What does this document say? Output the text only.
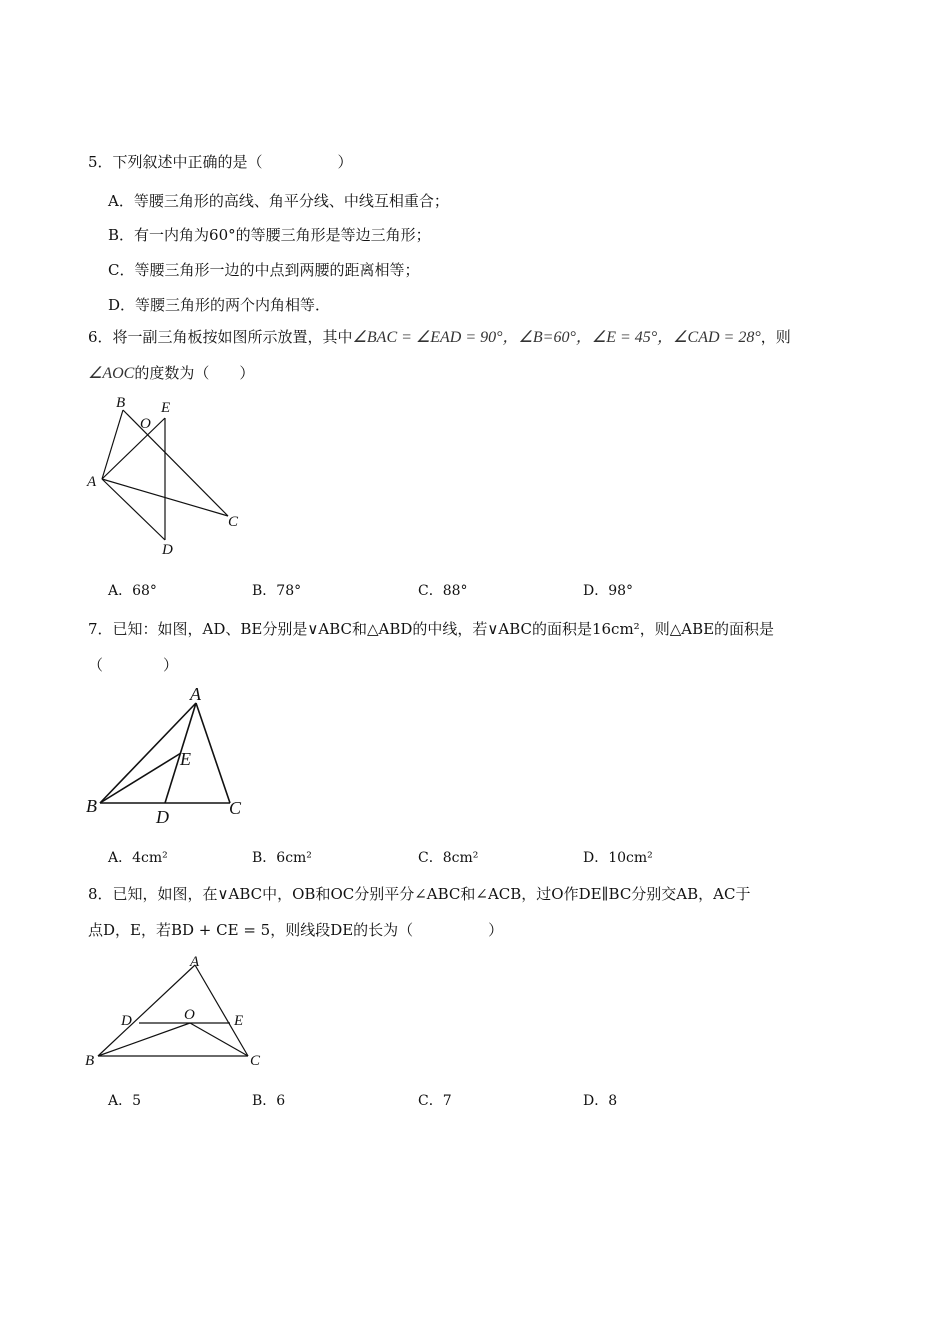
5．下列叙述中正确的是（　　　　　）
A．等腰三角形的高线、角平分线、中线互相重合；
B．有一内角为60°的等腰三角形是等边三角形；
C．等腰三角形一边的中点到两腰的距离相等；
D．等腰三角形的两个内角相等．
6．将一副三角板按如图所示放置，其中∠BAC = ∠EAD = 90°，∠B=60°，∠E = 45°，∠CAD = 28°，则
∠AOC的度数为（　　）
B
O
E
A
C
D
A．68°	B．78°	C．88°	D．98°
7．已知：如图，AD、BE分别是∨ABC和△ABD的中线，若∨ABC的面积是16cm²，则△ABE的面积是
（　　　　）
A
E
B
D	C
A．4cm²	B．6cm²	C．8cm²	D．10cm²
8．已知，如图，在∨ABC中，OB和OC分别平分∠ABC和∠ACB，过O作DE∥BC分别交AB，AC于
点D，E，若BD + CE = 5，则线段DE的长为（　　　　　）
A
D	O	E
B	C
A．5	B．6	C．7	D．8
